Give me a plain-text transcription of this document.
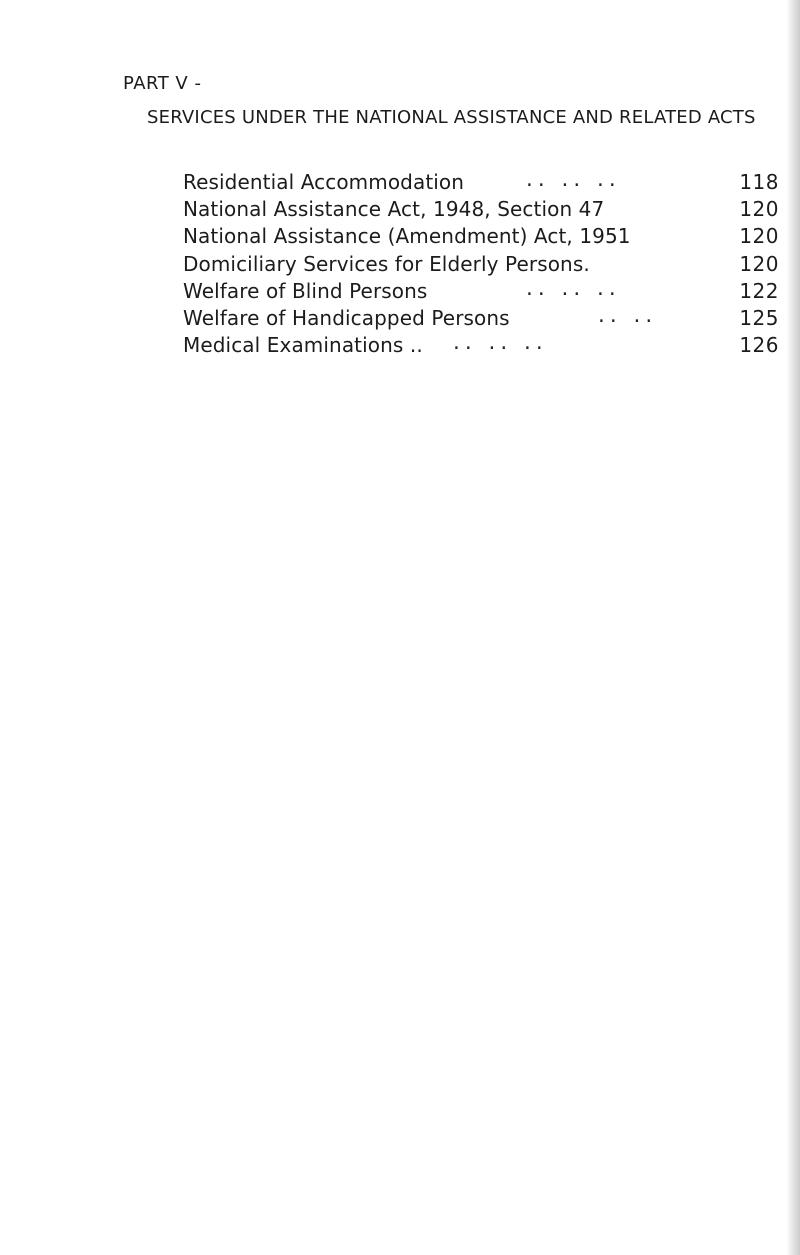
PART V -
SERVICES UNDER THE NATIONAL ASSISTANCE AND RELATED ACTS
Residential Accommodation	.. .. ..	118
National Assistance Act, 1948, Section 47	120
National Assistance (Amendment) Act, 1951	120
Domiciliary Services for Elderly Persons.	120
Welfare of Blind Persons	.. .. ..	122
Welfare of Handicapped Persons	.. ..	125
Medical Examinations .. .. .. ..	126
